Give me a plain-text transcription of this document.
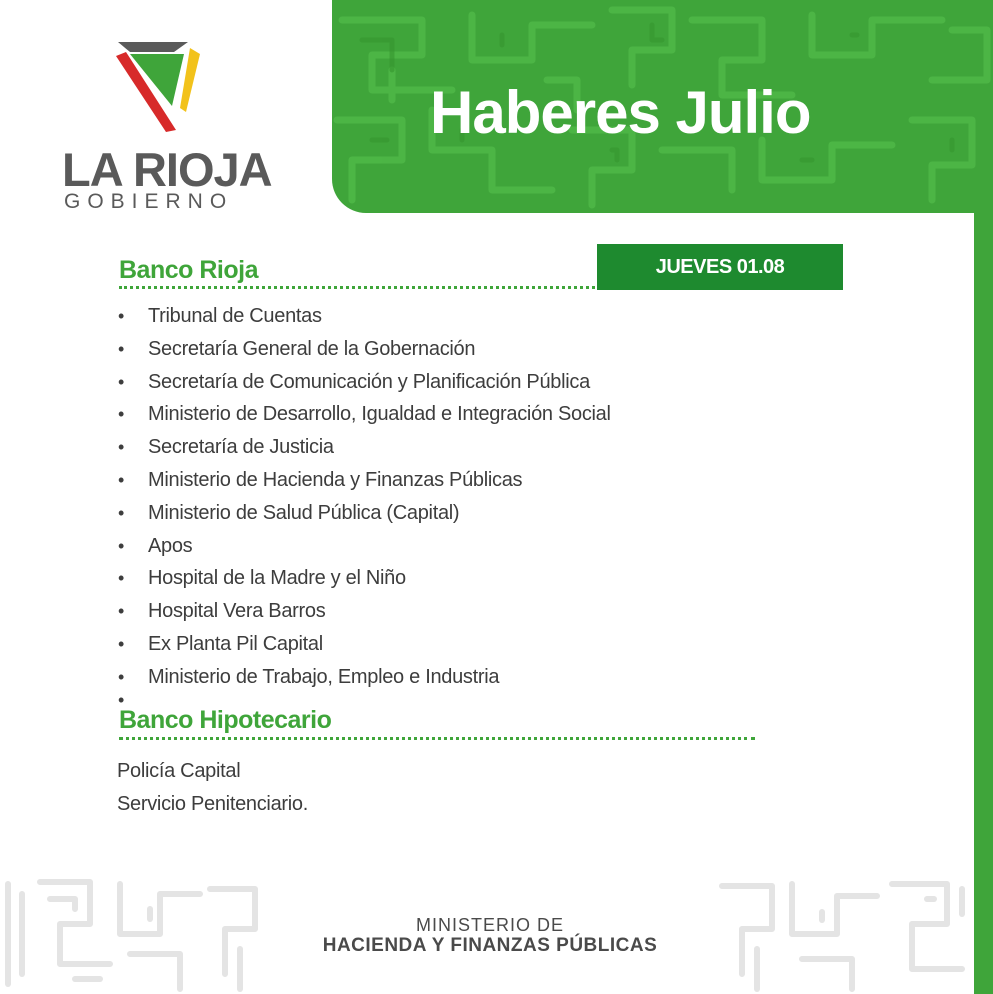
Haberes Julio
LA RIOJA
GOBIERNO
JUEVES 01.08
Banco Rioja
• Tribunal de Cuentas
• Secretaría General de la Gobernación
• Secretaría de Comunicación y Planificación Pública
• Ministerio de Desarrollo, Igualdad e Integración Social
• Secretaría de Justicia
• Ministerio de Hacienda y Finanzas Públicas
• Ministerio de Salud Pública (Capital)
• Apos
• Hospital de la Madre y el Niño
• Hospital Vera Barros
• Ex Planta Pil Capital
• Ministerio de Trabajo, Empleo e Industria
•
Banco Hipotecario
Policía Capital
Servicio Penitenciario.
MINISTERIO DE
HACIENDA Y FINANZAS PÚBLICAS
